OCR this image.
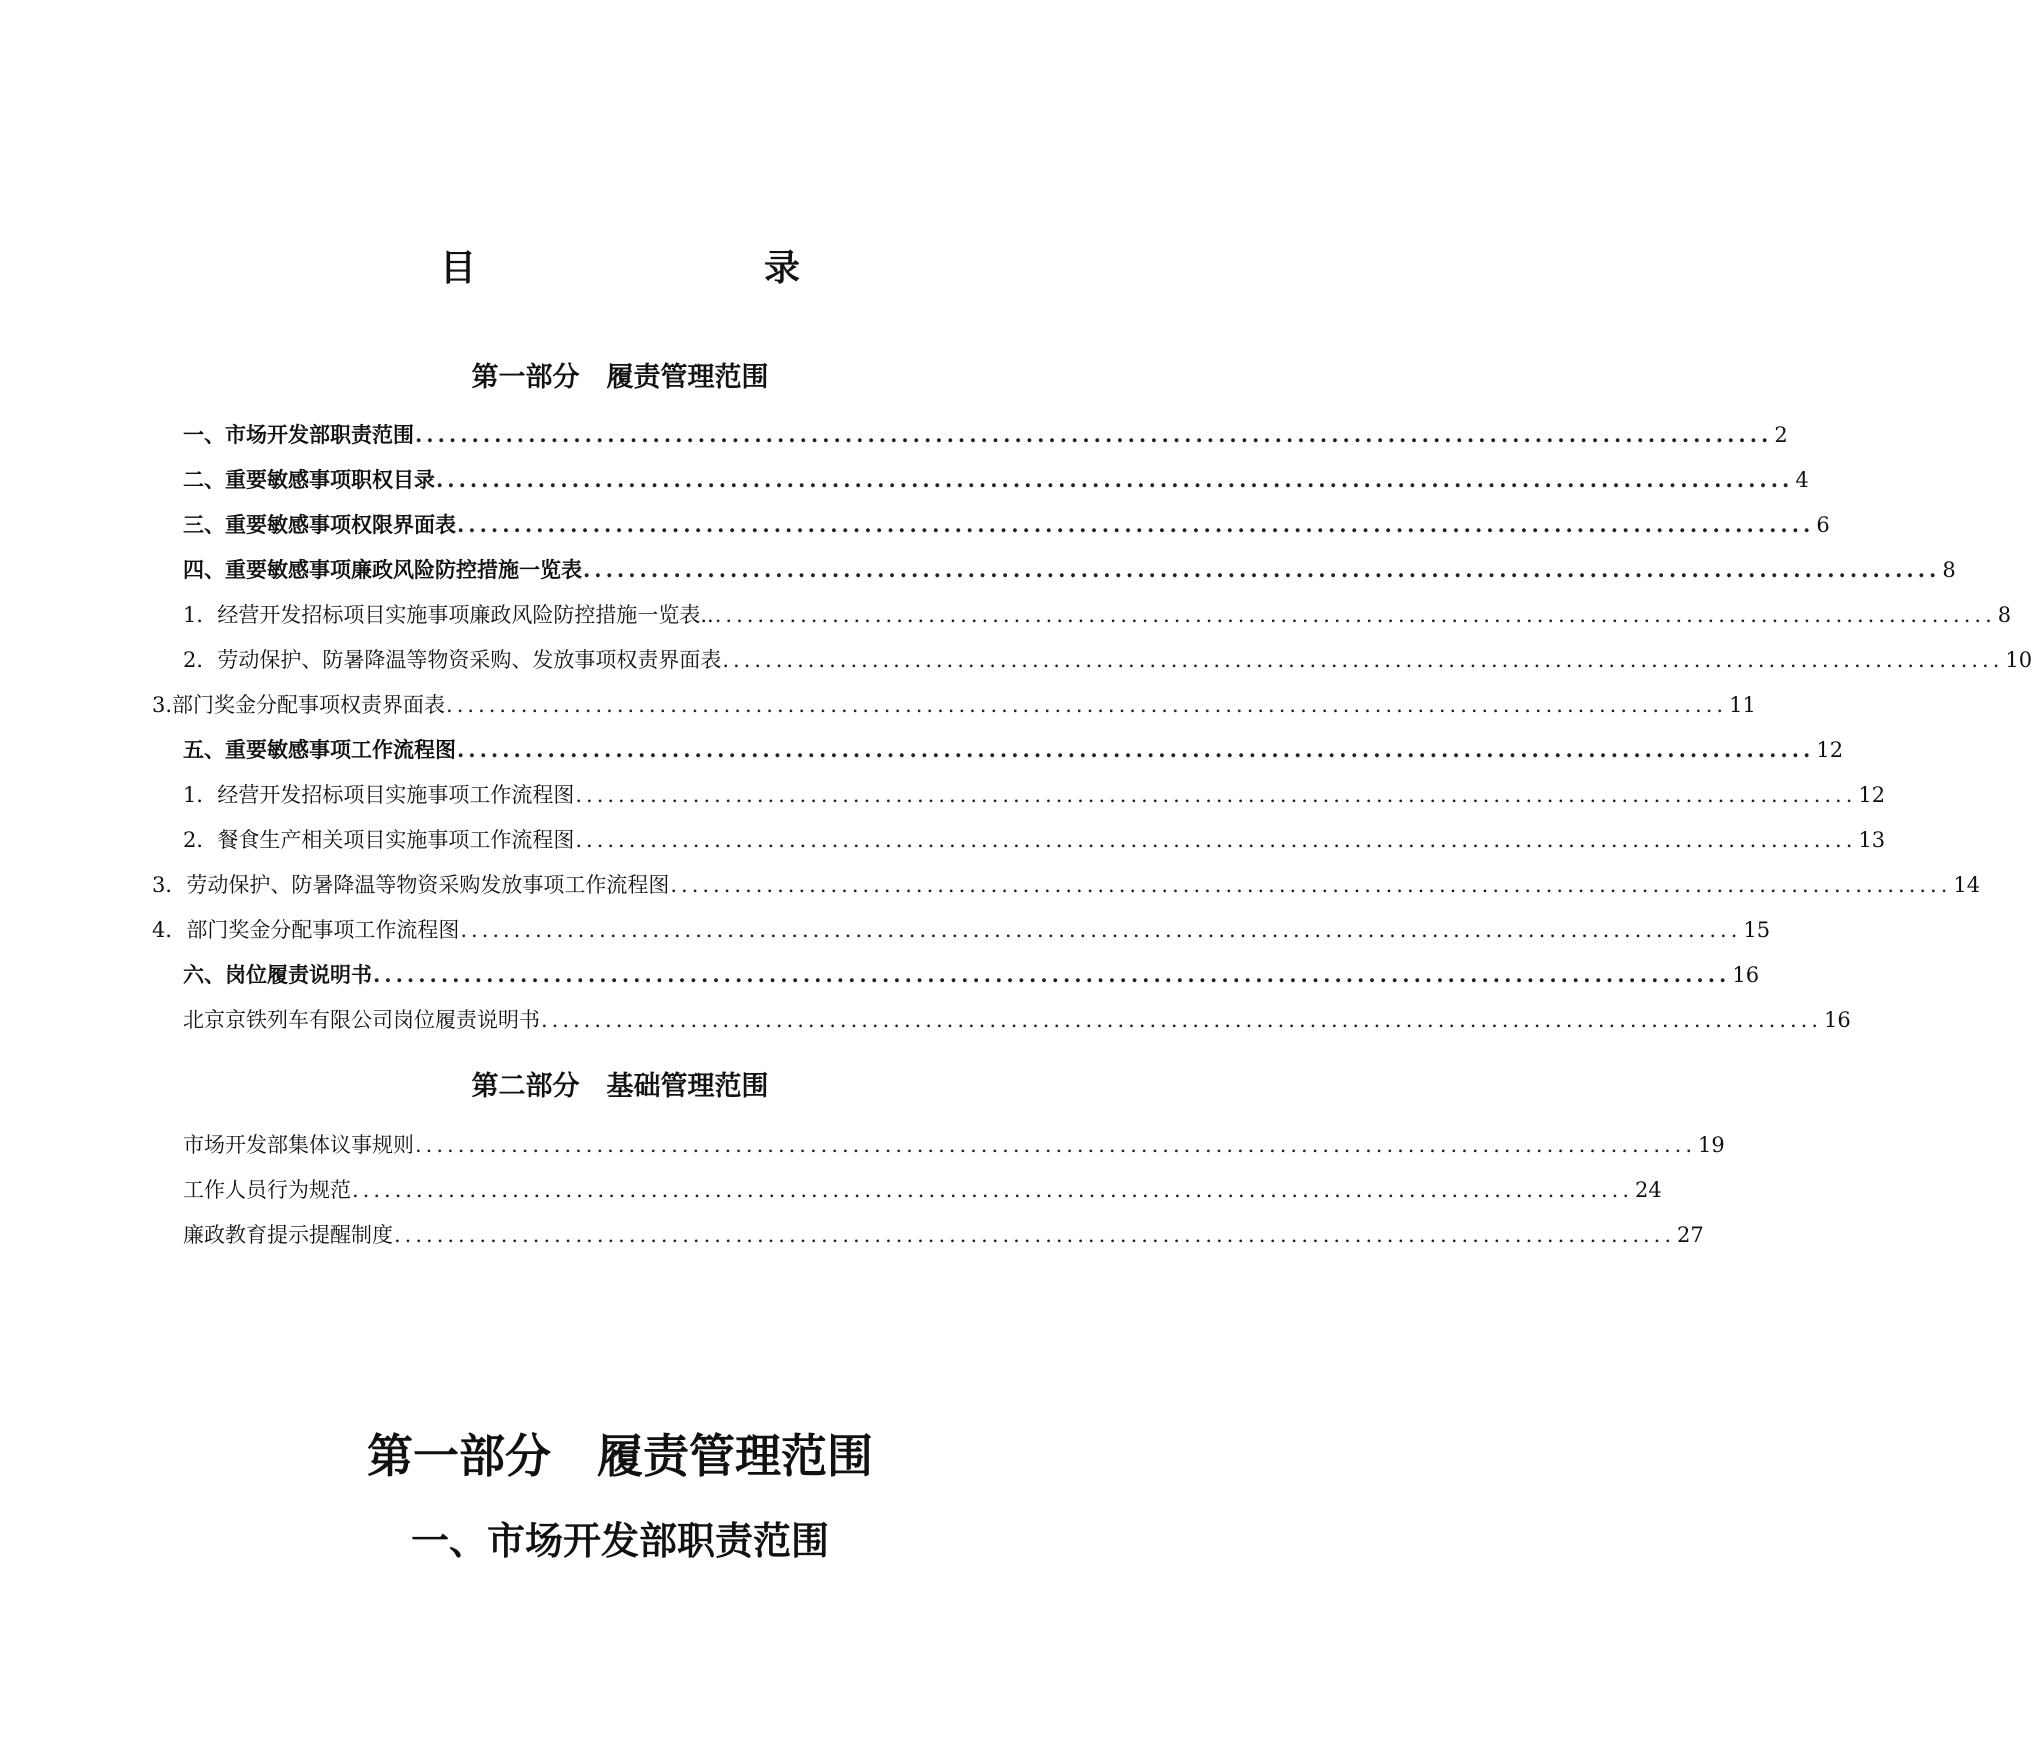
目　　录
第一部分　履责管理范围
一、市场开发部职责范围 ........................................................................................................................ 2
二、重要敏感事项职权目录 ........................................................................................................................ 4
三、重要敏感事项权限界面表 ........................................................................................................................ 6
四、重要敏感事项廉政风险防控措施一览表 ........................................................................................................................ 8
1．经营开发招标项目实施事项廉政风险防控措施一览表.. ........................................................................................................................ 8
2．劳动保护、防暑降温等物资采购、发放事项权责界面表 ........................................................................................................................ 10
3.部门奖金分配事项权责界面表 ........................................................................................................................ 11
五、重要敏感事项工作流程图 ........................................................................................................................ 12
1．经营开发招标项目实施事项工作流程图 ........................................................................................................................ 12
2．餐食生产相关项目实施事项工作流程图 ........................................................................................................................ 13
3．劳动保护、防暑降温等物资采购发放事项工作流程图 ........................................................................................................................ 14
4．部门奖金分配事项工作流程图 ........................................................................................................................ 15
六、岗位履责说明书 ........................................................................................................................ 16
北京京铁列车有限公司岗位履责说明书 ........................................................................................................................ 16
第二部分　基础管理范围
市场开发部集体议事规则 ........................................................................................................................ 19
工作人员行为规范 ........................................................................................................................ 24
廉政教育提示提醒制度 ........................................................................................................................ 27
第一部分　履责管理范围
一、市场开发部职责范围
